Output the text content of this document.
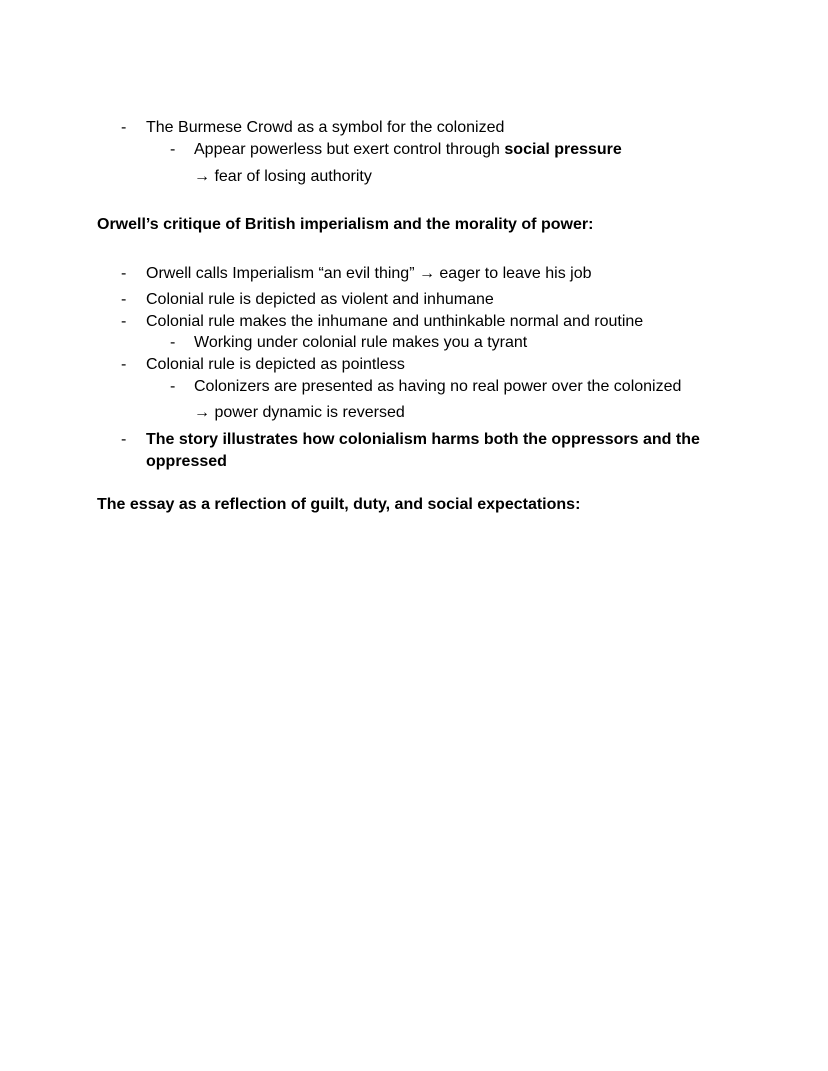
- The Burmese Crowd as a symbol for the colonized
- Appear powerless but exert control through social pressure
→ fear of losing authority
Orwell’s critique of British imperialism and the morality of power:
- Orwell calls Imperialism “an evil thing” → eager to leave his job
- Colonial rule is depicted as violent and inhumane
- Colonial rule makes the inhumane and unthinkable normal and routine
- Working under colonial rule makes you a tyrant
- Colonial rule is depicted as pointless
- Colonizers are presented as having no real power over the colonized
→ power dynamic is reversed
- The story illustrates how colonialism harms both the oppressors and the
oppressed
The essay as a reflection of guilt, duty, and social expectations:
